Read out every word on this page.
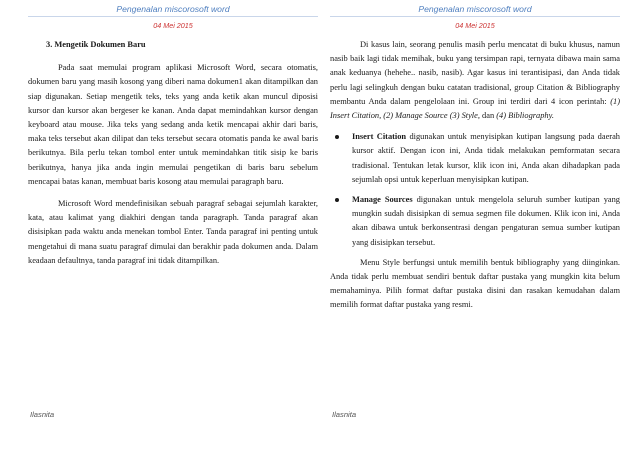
Pengenalan miscorosoft word
04 Mei 2015

3. Mengetik Dokumen Baru

Pada saat memulai program aplikasi Microsoft Word, secara otomatis, dokumen baru yang masih kosong yang diberi nama dokumen1 akan ditampilkan dan siap digunakan. Setiap mengetik teks, teks yang anda ketik akan muncul diposisi kursor dan kursor akan bergeser ke kanan. Anda dapat memindahkan kursor dengan keyboard atau mouse. Jika teks yang sedang anda ketik mencapai akhir dari baris, maka teks tersebut akan dilipat dan teks tersebut secara otomatis panda ke awal baris berikutnya. Bila perlu tekan tombol enter untuk memindahkan titik sisip ke baris berikutnya, hanya jika anda ingin memulai pengetikan di baris baru sebelum mencapai batas kanan, membuat baris kosong atau memulai paragraph baru.

Microsoft Word mendefinisikan sebuah paragraf sebagai sejumlah karakter, kata, atau kalimat yang diakhiri dengan tanda paragraph. Tanda paragraf akan disisipkan pada waktu anda menekan tombol Enter. Tanda paragraf ini penting untuk mengetahui di mana suatu paragraf dimulai dan berakhir pada dokumen anda. Dalam keadaan defaultnya, tanda paragraf ini tidak ditampilkan.

Ilasnita
Pengenalan miscorosoft word
04 Mei 2015

Di kasus lain, seorang penulis masih perlu mencatat di buku khusus, namun nasib baik lagi tidak memihak, buku yang tersimpan rapi, ternyata dibawa main sama anak keduanya (hehehe.. nasib, nasib). Agar kasus ini terantisipasi, dan Anda tidak perlu lagi selingkuh dengan buku catatan tradisional, group Citation & Bibliography membantu Anda dalam pengelolaan ini. Group ini terdiri dari 4 icon perintah: (1) Insert Citation, (2) Manage Source (3) Style, dan (4) Bibliography.

Insert Citation digunakan untuk menyisipkan kutipan langsung pada daerah kursor aktif. Dengan icon ini, Anda tidak melakukan pemformatan secara tradisional. Tentukan letak kursor, klik icon ini, Anda akan dihadapkan pada sejumlah opsi untuk keperluan menyisipkan kutipan.
Manage Sources digunakan untuk mengelola seluruh sumber kutipan yang mungkin sudah disisipkan di semua segmen file dokumen. Klik icon ini, Anda akan dibawa untuk berkonsentrasi dengan pengaturan semua sumber kutipan yang disisipkan tersebut.

Menu Style berfungsi untuk memilih bentuk bibliography yang diinginkan. Anda tidak perlu membuat sendiri bentuk daftar pustaka yang mungkin kita belum memahaminya. Pilih format daftar pustaka disini dan rasakan kemudahan dalam memilih format daftar pustaka yang resmi.

Ilasnita
